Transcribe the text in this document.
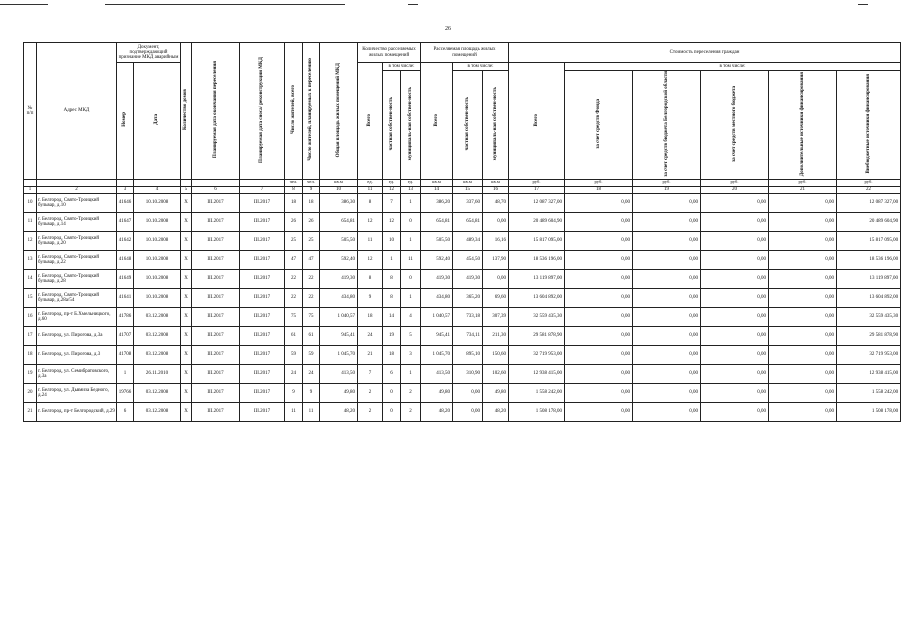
26
№ п/п	Адрес МКД	Документ, подтверждающий признание МКД аварийным		Количество домов	Планируемая дата окончания переселения	Планируемая дата сноса/ реконструкции МКД	Число жителей, всего	Число жителей, планируемых к переселению	Общая площадь жилых помещений МКД	Количество расселяемых жилых помещений			Расселяемая площадь жилых помещений			Стоимость переселения граждан					
		Номер	Дата							Всего	в том числе:		Всего	в том числе:		Всего	в том числе:				
											частная собствен-ность	муниципаль-ная собствен-ность		частная собствен-ность	муниципаль-ная собствен-ность		за счет средств Фонда	за счет средств бюджета Белгородской области	за счет средств местного бюджета	Дополнительные источники финансирования	Внебюджетные источники финансирования
							чел.	чел.	кв.м	ед.	ед.	ед.	кв.м	кв.м	кв.м	руб.	руб.	руб.	руб.	руб.	руб.
1	2	3	4	5	6	7	8	9	10	11	12	13	14	15	16	17	18	19	20	21	22
10	г. Белгород, Свято-Троицкий бульвар, д.10	41646	10.10.2008	X	III.2017	III.2017	18	18	386,30	8	7	1	386,20	337,60	48,70	12 087 327,00	0,00	0,00	0,00	0,00	12 087 327,00
11	г. Белгород, Свято-Троицкий бульвар, д.14	41647	10.10.2008	X	III.2017	III.2017	26	26	654,81	12	12	0	654,81	654,81	0,00	20 489 604,90	0,00	0,00	0,00	0,00	20 489 604,90
12	г. Белгород, Свято-Троицкий бульвар, д.20	41642	10.10.2008	X	III.2017	III.2017	25	25	505,50	11	10	1	505,50	489,34	16,16	15 817 095,00	0,00	0,00	0,00	0,00	15 817 095,00
13	г. Белгород, Свято-Троицкий бульвар, д.22	41648	10.10.2008	X	III.2017	III.2017	47	47	592,40	12	1	11	592,40	454,50	137,90	18 536 196,00	0,00	0,00	0,00	0,00	18 536 196,00
14	г. Белгород, Свято-Троицкий бульвар, д.28	41649	10.10.2008	X	III.2017	III.2017	22	22	419,30	8	8	0	419,30	419,30	0,00	13 119 897,00	0,00	0,00	0,00	0,00	13 119 897,00
15	г. Белгород, Свято-Троицкий бульвар, д.28а/54	41641	10.10.2008	X	III.2017	III.2017	22	22	434,80	9	8	1	434,80	365,20	69,60	13 604 892,00	0,00	0,00	0,00	0,00	13 604 892,00
16	г. Белгород, пр-т Б.Хмельницкого, д.60	41786	03.12.2008	X	III.2017	III.2017	75	75	1 040,57	18	14	4	1 040,57	733,18	307,39	32 559 435,30	0,00	0,00	0,00	0,00	32 559 435,30
17	г. Белгород, ул. Пирогова, д.3а	41707	03.12.2008	X	III.2017	III.2017	61	61	945,41	24	19	5	945,41	734,11	211,30	29 581 878,90	0,00	0,00	0,00	0,00	29 581 878,90
18	г. Белгород, ул. Пирогова, д.3	41708	03.12.2008	X	III.2017	III.2017	59	59	1 045,70	21	18	3	1 045,70	895,10	150,60	32 719 953,00	0,00	0,00	0,00	0,00	32 719 953,00
19	г. Белгород, ул. Семибратовского, д.3а	1	26.11.2010	X	III.2017	III.2017	24	24	413,50	7	6	1	413,50	310,90	102,60	12 938 415,00	0,00	0,00	0,00	0,00	12 938 415,00
20	г. Белгород, ул. Дьвмиза Бедного, д.24	19766	03.12.2008	X	III.2017	III.2017	9	9	49,80	2	0	2	49,80	0,00	49,80	1 558 242,00	0,00	0,00	0,00	0,00	1 558 242,00
21	г. Белгород, пр-т Белгородский, д.29	6	03.12.2008	X	III.2017	III.2017	11	11	48,20	2	0	2	48,20	0,00	48,20	1 508 178,00	0,00	0,00	0,00	0,00	1 508 178,00
